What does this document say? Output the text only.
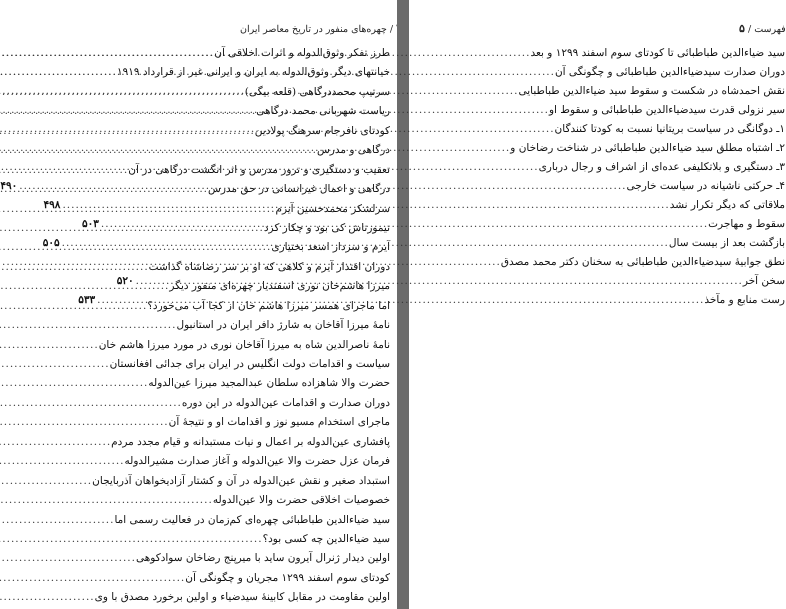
/ چهره‌های منفور در تاریخ معاصر ایران
طرز تفکر وثوق‌الدوله و اثرات اخلاقی آن
.....
خیانتهای دیگر وثوق‌الدوله به ایران و ایرانی غیر از قرارداد ۱۹۱۹
.....
سرتیپ محمددرگاهی (قلعه بیگی)
.....
ریاست شهربانی محمد درگاهی
.....
کودتای نافرجام سرهنگ پولادین
.....
درگاهی و مدرس
.....
تعقیب و دستگیری و ترور مدرس و اثر انگشت درگاهی در آن
.....
درگاهی و اعمال غیرانسانی در حق مدرس
.....
سرلشکر محمدحسین آیرم
.....
تیمورتاش کی بود و چکار کرد
.....
آیرم و سردار اسعد بختیاری
.....
دوران اقتدار آیرم و کلاهی که او بر سر رضاشاه گذاشت
.....
میرزا هاشم‌خان نوری اسفندیار چهره‌ای منفور دیگر
.....
اما ماجرای همسر میرزا هاشم خان از کجا آب می‌خورد؟
.....
نامهٔ میرزا آقاخان به شارژ دافر ایران در استانبول
.....
نامهٔ ناصرالدین شاه به میرزا آقاخان نوری در مورد میرزا هاشم خان
.....
سیاست و اقدامات دولت انگلیس در ایران برای جدائی افغانستان
.....
حضرت والا شاهزاده سلطان عبدالمجید میرزا عین‌الدوله
.....
دوران صدارت و اقدامات عین‌الدوله در این دوره
.....
ماجرای استخدام مسیو نوز و اقدامات او و نتیجهٔ آن
.....
پافشاری عین‌الدوله بر اعمال و نیات مستبدانه و قیام مجدد مردم
.....
فرمان عزل حضرت والا عین‌الدوله و آغاز صدارت مشیرالدوله
.....
استبداد صغیر و نقش عین‌الدوله در آن و کشتار آزادیخواهان آذربایجان
.....
خصوصیات اخلاقی حضرت والا عین‌الدوله
.....
سید ضیاءالدین طباطبائی چهره‌ای کم‌زمان در فعالیت رسمی اما
.....
سید ضیاءالدین چه کسی بود؟
.....
اولین دیدار ژنرال آیرون ساید با میرپنج رضاخان سوادکوهی
.....
کودتای سوم اسفند ۱۲۹۹ مجریان و چگونگی آن
.....
اولین مقاومت در مقابل کابینهٔ سیدضیاء و اولین برخورد مصدق با وی
.....
فهرست / ۵
سید ضیاءالدین طباطبائی تا کودتای سوم اسفند ۱۲۹۹ و بعد
.....
دوران صدارت سیدضیاءالدین طباطبائی و چگونگی آن
.....
نقش احمدشاه در شکست و سقوط سید ضیاءالدین طباطبایی
.....
سیر نزولی قدرت سیدضیاءالدین طباطبائی و سقوط او
.....
۱ـ دوگانگی در سیاست بریتانیا نسبت به کودتا کنندگان
.....
۲ـ اشتباه مطلق سید ضیاءالدین طباطبائی در شناخت رضاخان و
.....
۳ـ دستگیری و بلاتکلیفی عده‌ای از اشراف و رجال درباری
.....
۴ـ حرکتی ناشیانه در سیاست خارجی
.....
۴۹۰
ملاقاتی که دیگر تکرار نشد
.....
۴۹۸
سقوط و مهاجرت
.....
۵۰۳
بازگشت بعد از بیست سال
.....
۵۰۵
نطق جوابیهٔ سیدضیاءالدین طباطبائی به سخنان دکتر محمد مصدق
.....
سخن آخر
.....
۵۲۰
رست منابع و مآخذ
.....
۵۳۳
